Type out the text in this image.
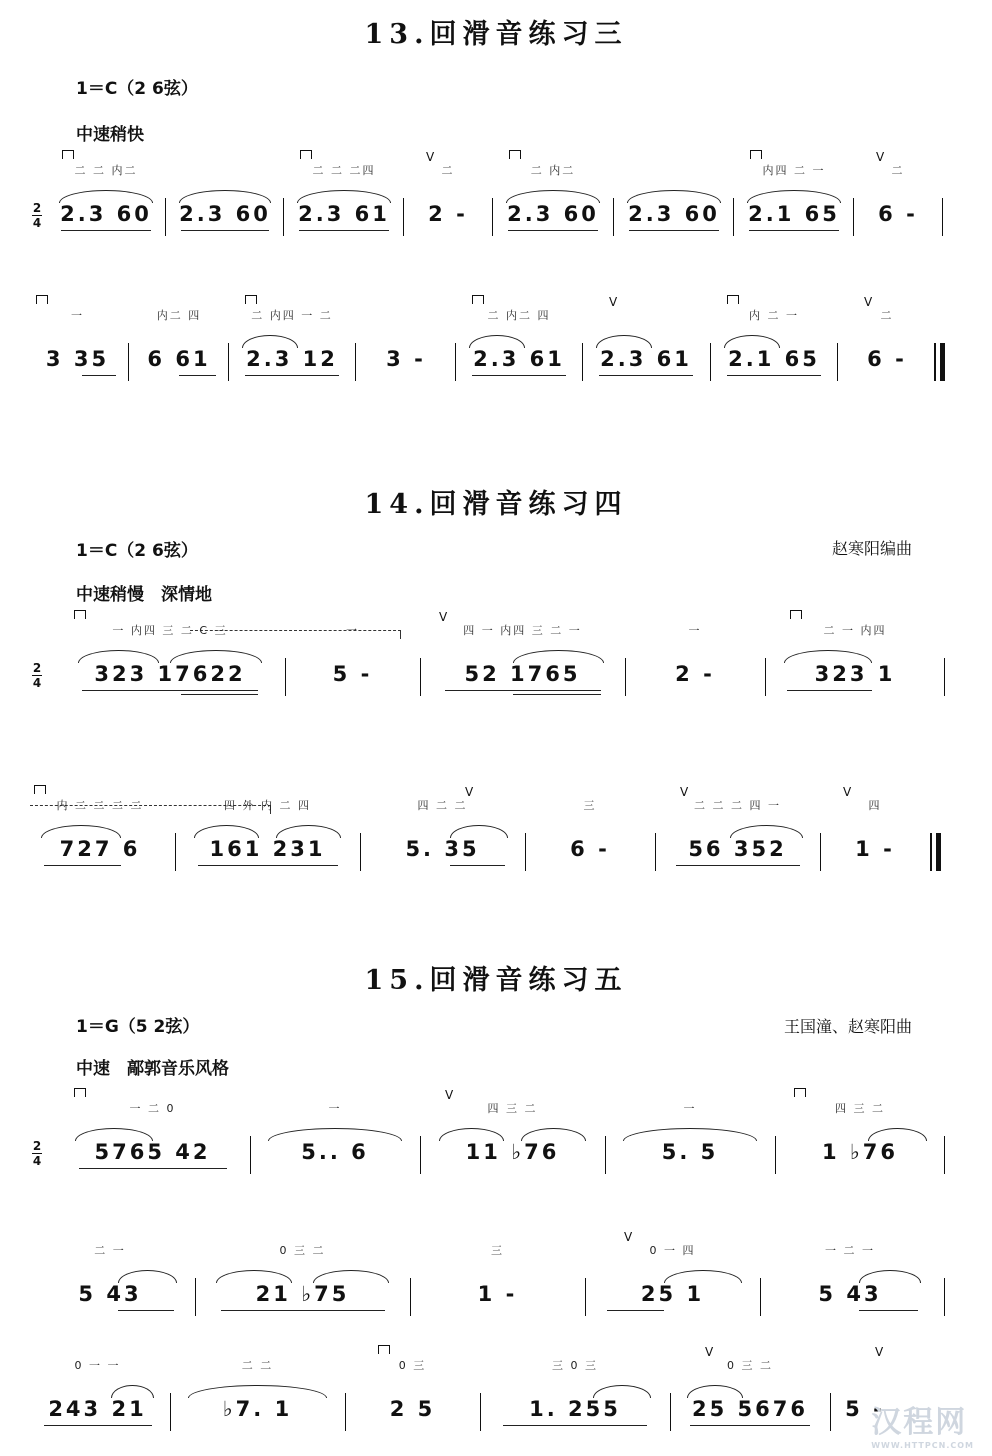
13.回滑音练习三
1＝C（2 6弦）
中速稍快
2
4
二 二 内二
2.3 60	2.3 60
二 二 二四
2.3 61
V
二
2 -
二 内二
2.3 60	2.3 60
内四 二 一
2.1 65
V
二
6 -
一
3 35
内二 四
6 61
二 内四 一 二
2.3 12	3 -
二 内二 四
2.3 61
V
2.3 61
内 二 一
2.1 65
V
二
6 -
14.回滑音练习四
1＝C（2 6弦）	赵寒阳编曲
中速稍慢　深情地
2
4
一 内四 三 二 C 三
323 17622
一
5 -
V
四 一 内四 三 二 一
52 1765
一
2 -
二 一 内四
323 1
内 二 二 二 二
727 6
四 外 内 二 四
161 231
V
四 二 二
5. 35
三
6 -
V
二 二 二 四 一
56 352
V
四
1 -
15.回滑音练习五
1＝G（5 2弦）	王国潼、赵寒阳曲
中速　鄗郭音乐风格
2
4
一 二 0
5765 42
一
5.. 6
V
四 三 二
11 ♭76
一
5. 5
四 三 二
1 ♭76
二 一
5 43
0 三 二
21 ♭75
三
1 -
V
0 一 四
25 1
一 二 一
5 43
0 一 一
243 21
二 二
♭7. 1
0 三
2 5
三 0 三
1. 255
V
0 三 二
25 5676
V
5 -
汉程网
WWW.HTTPCN.COM
